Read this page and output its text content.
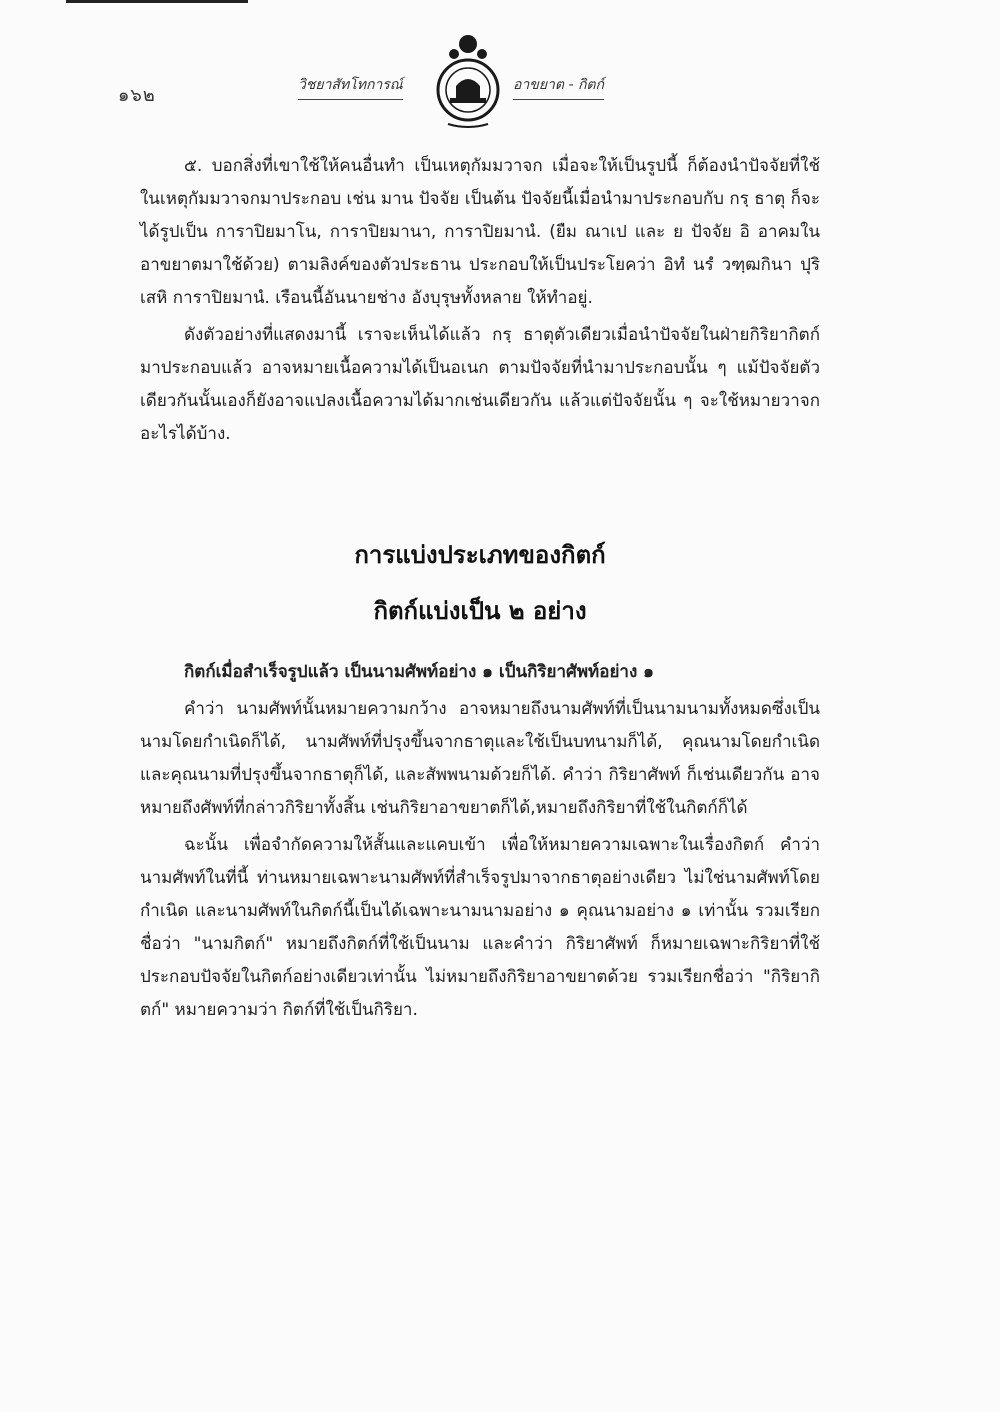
๑๖๒	วิชยาสัทโทการณ์	อาขยาต - กิตก์

๕. บอกสิ่งที่เขาใช้ให้คนอื่นทำ เป็นเหตุกัมมวาจก เมื่อจะให้เป็นรูปนี้ ก็ต้องนำปัจจัยที่ใช้ในเหตุกัมมวาจกมาประกอบ เช่น มาน ปัจจัย เป็นต้น ปัจจัยนี้เมื่อนำมาประกอบกับ กรฺ ธาตุ ก็จะได้รูปเป็น การาปิยมาโน, การาปิยมานา, การาปิยมานํ. (ยืม ณาเป และ ย ปัจจัย อิ อาคมในอาขยาตมาใช้ด้วย) ตามลิงค์ของตัวประธาน ประกอบให้เป็นประโยคว่า อิทํ นรํ วฑฺฒกินา ปุริเสหิ การาปิยมานํ. เรือนนี้อันนายช่าง อังบุรุษทั้งหลาย ให้ทำอยู่.

ดังตัวอย่างที่แสดงมานี้ เราจะเห็นได้แล้ว กรฺ ธาตุตัวเดียวเมื่อนำปัจจัยในฝ่ายกิริยากิตก์มาประกอบแล้ว อาจหมายเนื้อความได้เป็นอเนก ตามปัจจัยที่นำมาประกอบนั้น ๆ แม้ปัจจัยตัวเดียวกันนั้นเองก็ยังอาจแปลงเนื้อความได้มากเช่นเดียวกัน แล้วแต่ปัจจัยนั้น ๆ จะใช้หมายวาจกอะไรได้บ้าง.

การแบ่งประเภทของกิตก์

กิตก์แบ่งเป็น ๒ อย่าง

กิตก์เมื่อสำเร็จรูปแล้ว เป็นนามศัพท์อย่าง ๑ เป็นกิริยาศัพท์อย่าง ๑

คำว่า นามศัพท์นั้นหมายความกว้าง อาจหมายถึงนามศัพท์ที่เป็นนามนามทั้งหมดซึ่งเป็นนามโดยกำเนิดก็ได้, นามศัพท์ที่ปรุงขึ้นจากธาตุและใช้เป็นบทนามก็ได้, คุณนามโดยกำเนิด และคุณนามที่ปรุงขึ้นจากธาตุก็ได้, และสัพพนามด้วยก็ได้. คำว่า กิริยาศัพท์ ก็เช่นเดียวกัน อาจหมายถึงศัพท์ที่กล่าวกิริยาทั้งสิ้น เช่นกิริยาอาขยาตก็ได้,หมายถึงกิริยาที่ใช้ในกิตก์ก็ได้

ฉะนั้น เพื่อจำกัดความให้สั้นและแคบเข้า เพื่อให้หมายความเฉพาะในเรื่องกิตก์ คำว่า นามศัพท์ในที่นี้ ท่านหมายเฉพาะนามศัพท์ที่สำเร็จรูปมาจากธาตุอย่างเดียว ไม่ใช่นามศัพท์โดยกำเนิด และนามศัพท์ในกิตก์นี้เป็นได้เฉพาะนามนามอย่าง ๑ คุณนามอย่าง ๑ เท่านั้น รวมเรียกชื่อว่า "นามกิตก์" หมายถึงกิตก์ที่ใช้เป็นนาม และคำว่า กิริยาศัพท์ ก็หมายเฉพาะกิริยาที่ใช้ประกอบปัจจัยในกิตก์อย่างเดียวเท่านั้น ไม่หมายถึงกิริยาอาขยาตด้วย รวมเรียกชื่อว่า "กิริยากิตก์" หมายความว่า กิตก์ที่ใช้เป็นกิริยา.
